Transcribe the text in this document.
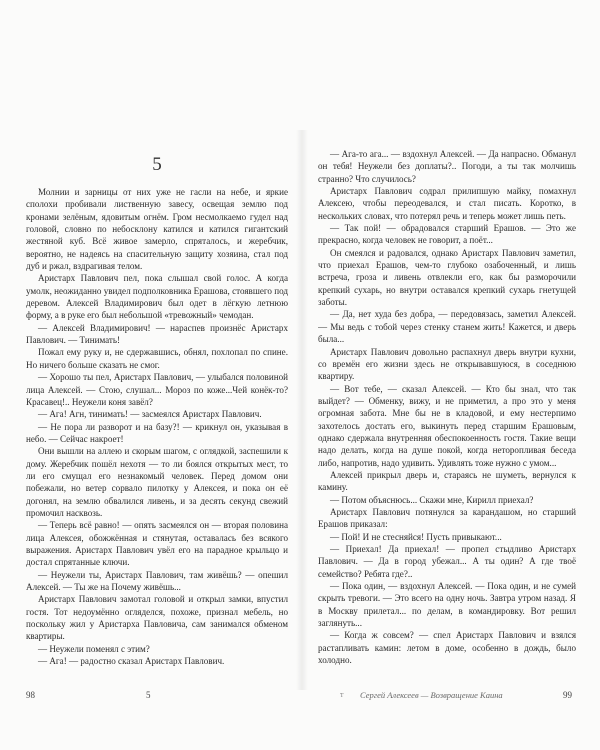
5

Молнии и зарницы от них уже не гасли на небе, и яркие сполохи пробивали лиственную завесу, освещая землю под кронами зелёным, ядовитым огнём. Гром несмолкаемо гудел над головой, словно по небосклону катился и катился гигантский жестяной куб. Всё живое замерло, спряталось, и жеребчик, вероятно, не надеясь на спасительную защиту хозяина, стал под дуб и ржал, вздрагивая телом.

Аристарх Павлович пел, пока слышал свой голос. А когда умолк, неожиданно увидел подполковника Ерашова, стоявшего под деревом. Алексей Владимирович был одет в лёгкую летнюю форму, а в руке его был небольшой «тревожный» чемодан.

— Алексей Владимирович! — нараспев произнёс Аристарх Павлович. — Тинимать!

Пожал ему руку и, не сдержавшись, обнял, похлопал по спине. Но ничего больше сказать не смог.

— Хорошо ты пел, Аристарх Павлович, — улыбался половиной лица Алексей. — Стою, слушал... Мороз по коже...Чей конёк-то? Красавец!.. Неужели коня завёл?

— Ага! Агн, тинимать! — засмеялся Аристарх Павлович.

— Не пора ли разворот и на базу?! — крикнул он, указывая в небо. — Сейчас накроет!

Они вышли на аллею и скорым шагом, с оглядкой, заспешили к дому. Жеребчик пошёл нехотя — то ли боялся открытых мест, то ли его смущал его незнакомый человек. Перед домом они побежали, но ветер сорвало пилотку у Алексея, и пока он её догонял, на землю обвалился ливень, и за десять секунд свежий промочил насквозь.

— Теперь всё равно! — опять засмеялся он — вторая половина лица Алексея, обожжённая и стянутая, оставалась без всякого выражения. Аристарх Павлович увёл его на парадное крыльцо и достал спрятанные ключи.

— Неужели ты, Аристарх Павлович, там живёшь? — опешил Алексей. — Ты же на Почему живёшь...

Аристарх Павлович замотал головой и открыл замки, впустил гостя. Тот недоумённо огляделся, похоже, признал мебель, но поскольку жил у Аристарха Павловича, сам занимался обменом квартиры.

— Неужели поменял с этим?

— Ага! — радостно сказал Аристарх Павлович.

— Ага-то ага... — вздохнул Алексей. — Да напрасно. Обманул он тебя! Неужели без доплаты?.. Погоди, а ты так молчишь странно? Что случилось?

Аристарх Павлович содрал прилипшую майку, помахнул Алексею, чтобы переодевался, и стал писать. Коротко, в нескольких словах, что потерял речь и теперь может лишь петь.

— Так пой! — обрадовался старший Ерашов. — Это же прекрасно, когда человек не говорит, а поёт...

Он смеялся и радовался, однако Аристарх Павлович заметил, что приехал Ерашов, чем-то глубоко озабоченный, и лишь встреча, гроза и ливень отвлекли его, как бы разморочили крепкий сухарь, но внутри оставался крепкий сухарь гнетущей заботы.

— Да, нет худа без добра, — передовязась, заметил Алексей. — Мы ведь с тобой через стенку станем жить! Кажется, и дверь была...

Аристарх Павлович довольно распахнул дверь внутри кухни, со времён его жизни здесь не открывавшуюся, в соседнюю квартиру.

— Вот тебе, — сказал Алексей. — Кто бы знал, что так выйдет? — Обменку, вижу, и не приметил, а про это у меня огромная забота. Мне бы не в кладовой, и ему нестерпимо захотелось достать его, выкинуть перед старшим Ерашовым, однако сдержала внутренняя обеспокоенность гостя. Такие вещи надо делать, когда на душе покой, когда неторопливая беседа либо, напротив, надо удивить. Удивлять тоже нужно с умом...

Алексей прикрыл дверь и, стараясь не шуметь, вернулся к камину.

— Потом объяснюсь... Скажи мне, Кирилл приехал?

Аристарх Павлович потянулся за карандашом, но старший Ерашов приказал:

— Пой! И не стесняйся! Пусть привыкают...

— Приехал! Да приехал! — пропел стыдливо Аристарх Павлович. — Да в город убежал... А ты один? А где твоё семейство? Ребята где?..

— Пока один, — вздохнул Алексей. — Пока один, и не сумей скрыть тревоги. — Это всего на одну ночь. Завтра утром назад. Я в Москву прилетал... по делам, в командировку. Вот решил заглянуть...

— Когда ж совсем? — спел Аристарх Павлович и взялся растапливать камин: летом в доме, особенно в дождь, было холодно.

98	5	т Сергей Алексеев — Возвращение Каина	99
